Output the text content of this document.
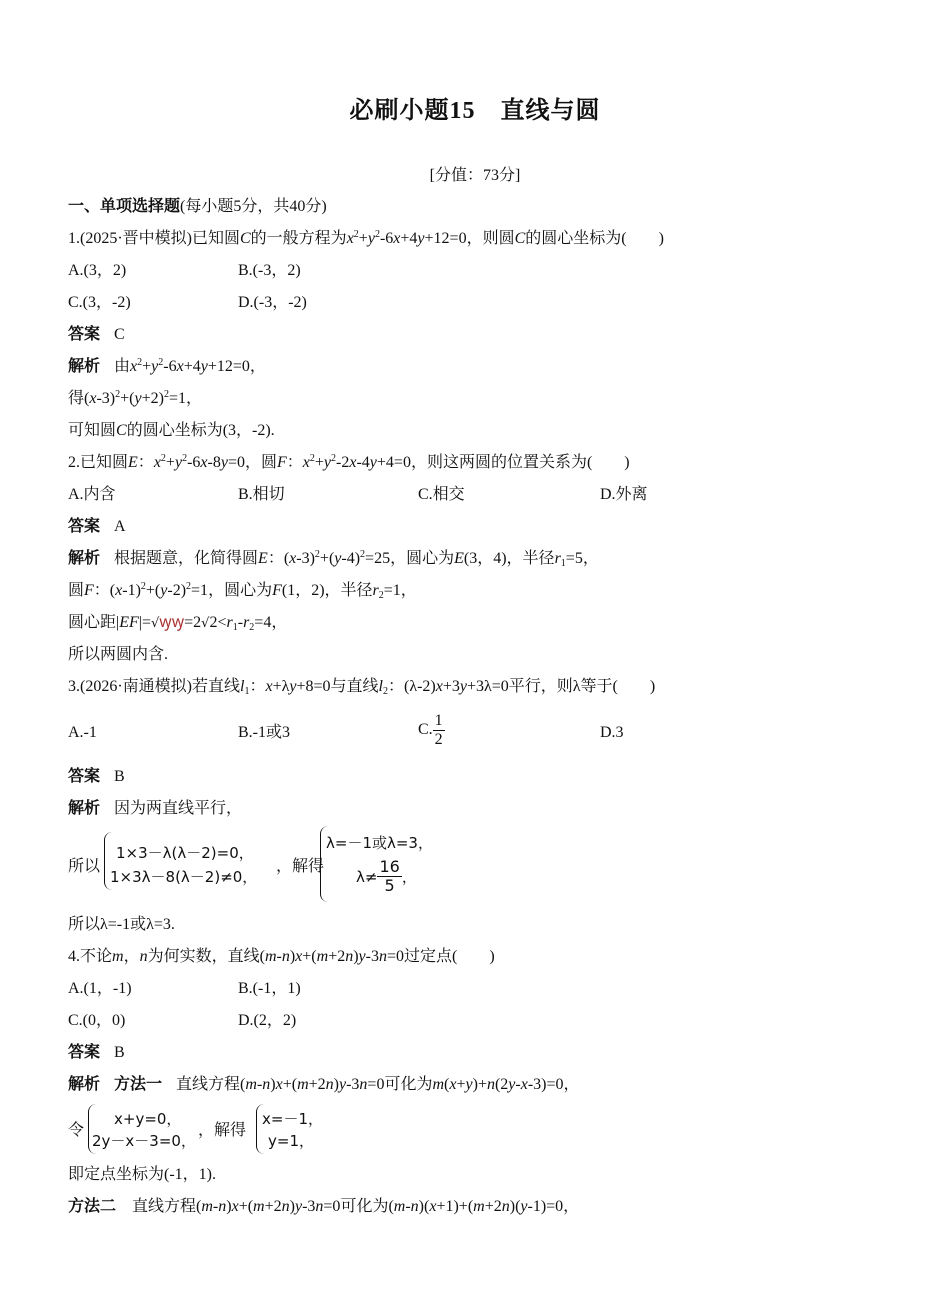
必刷小题15　直线与圆
[分值：73分]
一、单项选择题(每小题5分，共40分)
1.(2025·晋中模拟)已知圆C的一般方程为$x^2+y^2-6x+4y+12=0$，则圆C的圆心坐标为(　　)
A.(3，2)	B.(-3，2)
C.(3，-2)	D.(-3，-2)
答案 C
解析 由$x^2+y^2-6x+4y+12=0$，
得$(x-3)^2+(y+2)^2=1$，
可知圆C的圆心坐标为(3，-2).
2.已知圆E：$x^2+y^2-6x-8y=0$，圆F：$x^2+y^2-2x-4y+4=0$，则这两圆的位置关系为(　　)
A.内含	B.相切	C.相交	D.外离
答案 A
解析 根据题意，化简得圆E：$(x-3)^2+(y-4)^2=25$，圆心为E(3，4)，半径$r_1=5$，
圆F：$(x-1)^2+(y-2)^2=1$，圆心为F(1，2)，半径$r_2=1$，
圆心距$|EF|=√ꝡꝡ=2√2<r_1-r_2=4$，
所以两圆内含.
3.(2026·南通模拟)若直线$l_1$：x+λy+8=0与直线$l_2$：(λ-2)x+3y+3λ=0平行，则λ等于(　　)
A.-1	B.-1或3	C. $\frac{1}{2}$	D.3
答案 B
解析 因为两直线平行，
所以
1×3－λ(λ－2)=0，
1×3λ－8(λ－2)≠0，
，解得
λ=－1或λ=3，
$\lambda\ne \frac{16}{5}$ ，
所以λ=-1或λ=3.
4.不论m，n为何实数，直线(m-n)x+(m+2n)y-3n=0过定点(　　)
A.(1，-1)	B.(-1，1)
C.(0，0)	D.(2，2)
答案 B
解析 方法一 直线方程(m-n)x+(m+2n)y-3n=0可化为m(x+y)+n(2y-x-3)=0，
令
x+y=0，
2y－x－3=0，
，解得
x=－1，
y=1，
即定点坐标为(-1，1).
方法二 直线方程(m-n)x+(m+2n)y-3n=0可化为(m-n)(x+1)+(m+2n)(y-1)=0，
